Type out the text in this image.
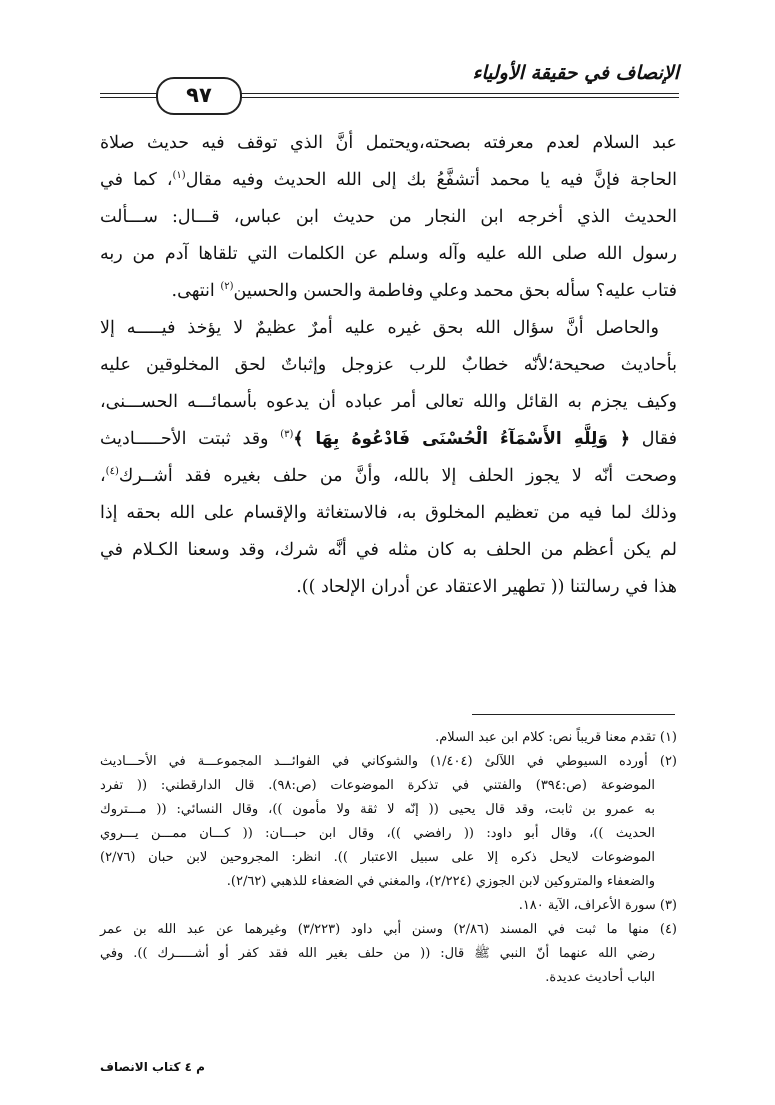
الإنصاف في حقيقة الأولياء
٩٧
عبد السلام لعدم معرفته بصحته،ويحتمل أنَّ الذي توقف فيه حديث صلاة
الحاجة فإنَّ فيه يا محمد أتشفَّعُ بك إلى الله الحديث وفيه مقال$^{(١)}$، كما في
الحديث الذي أخرجه ابن النجار من حديث ابن عباس، قـــال: ســـألت
رسول الله صلى الله عليه وآله وسلم عن الكلمات التي تلقاها آدم من ربه
فتاب عليه؟ سأله بحق محمد وعلي وفاطمة والحسن والحسين$^{(٢)}$ انتهى.
والحاصل أنَّ سؤال الله بحق غيره عليه أمرٌ عظيمٌ لا يؤخذ فيـــــه إلا
بأحاديث صحيحة؛لأنّه خطابٌ للرب عزوجل وإثباتٌ لحق المخلوقين عليه
وكيف يجزم به القائل والله تعالى أمر عباده أن يدعوه بأسمائـــه الحســـنى،
فقال ﴿ وَلِلَّهِ الأَسْمَآءُ الْحُسْنَى فَادْعُوهُ بِهَا ﴾$^{(٣)}$ وقد ثبتت الأحـــــاديث
وصحت أنّه لا يجوز الحلف إلا بالله، وأنَّ من حلف بغيره فقد أشــرك$^{(٤)}$،
وذلك لما فيه من تعظيم المخلوق به، فالاستغاثة والإقسام على الله بحقه إذا
لم يكن أعظم من الحلف به كان مثله في أنَّه شرك، وقد وسعنا الكـلام في
هذا في رسالتنا (( تطهير الاعتقاد عن أدران الإلحاد )).
(١) تقدم معنا قريباً نص: كلام ابن عبد السلام.
(٢) أورده السيوطي في اللآلئ (١/٤٠٤) والشوكاني في الفوائـــد المجموعـــة في الأحـــاديث
الموضوعة (ص:٣٩٤) والفتني في تذكرة الموضوعات (ص:٩٨). قال الدارقطني: (( تفرد
به عمرو بن ثابت، وقد قال يحيى (( إنّه لا ثقة ولا مأمون ))، وقال النسائي: (( مـــتروك
الحديث ))، وقال أبو داود: (( رافضي ))، وقال ابن حبـــان: (( كـــان ممـــن يـــروي
الموضوعات لايحل ذكره إلا على سبيل الاعتبار )). انظر: المجروحين لابن حبان (٢/٧٦)
والضعفاء والمتروكين لابن الجوزي (٢/٢٢٤)، والمغني في الضعفاء للذهبي (٢/٦٢).
(٣) سورة الأعراف، الآية ١٨٠.
(٤) منها ما ثبت في المسند (٢/٨٦) وسنن أبي داود (٣/٢٢٣) وغيرهما عن عبد الله بن عمر
رضي الله عنهما أنّ النبي ﷺ قال: (( من حلف بغير الله فقد كفر أو أشـــــرك )). وفي
الباب أحاديث عديدة.
م ٤ كتاب الانصاف
